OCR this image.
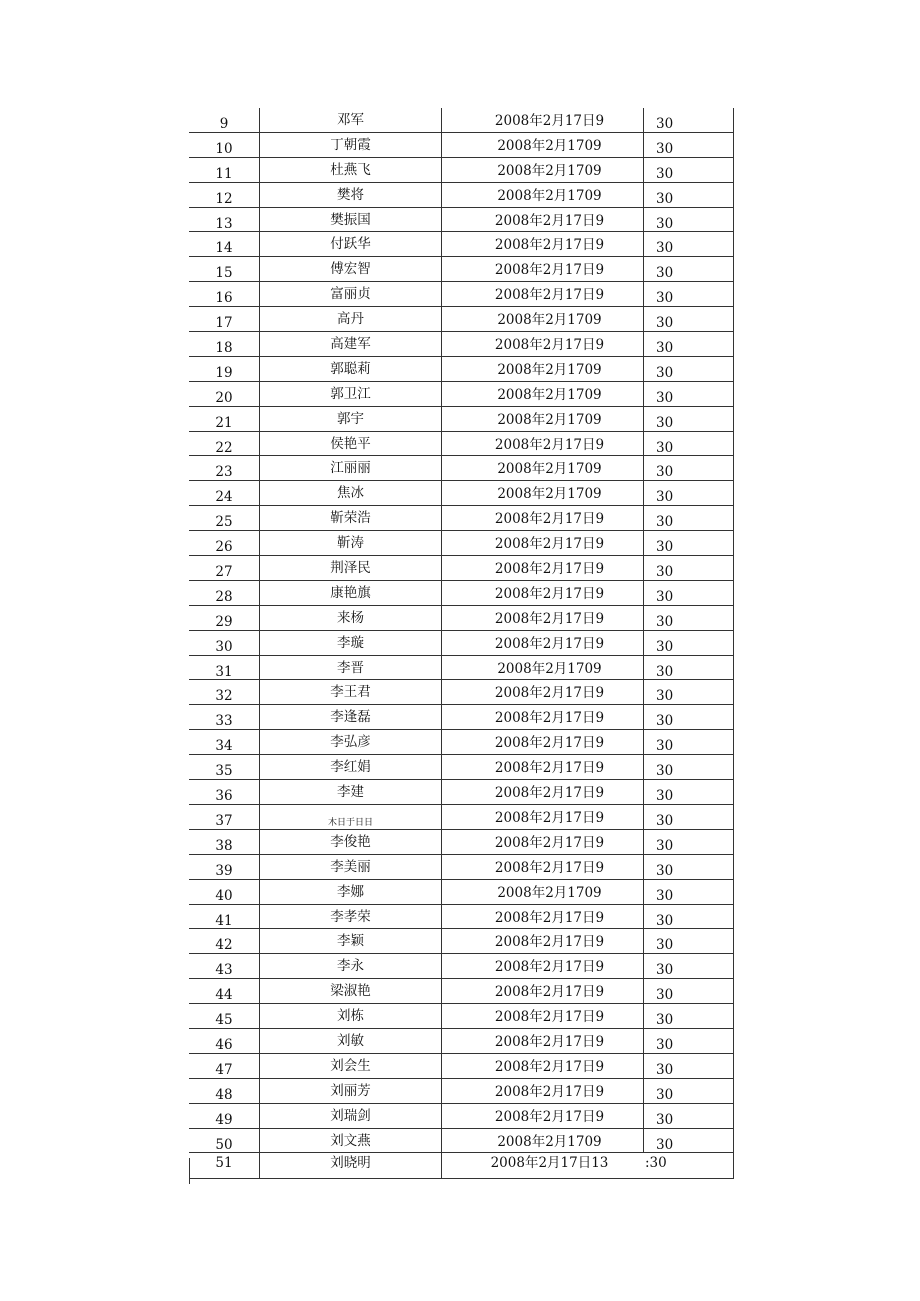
9	邓军	2008年2月17日9	30
10	丁朝霞	2008年2月1709	30
11	杜燕飞	2008年2月1709	30
12	樊将	2008年2月1709	30
13	樊振国	2008年2月17日9	30
14	付跃华	2008年2月17日9	30
15	傅宏智	2008年2月17日9	30
16	富丽贞	2008年2月17日9	30
17	高丹	2008年2月1709	30
18	高建军	2008年2月17日9	30
19	郭聪莉	2008年2月1709	30
20	郭卫江	2008年2月1709	30
21	郭宇	2008年2月1709	30
22	侯艳平	2008年2月17日9	30
23	江丽丽	2008年2月1709	30
24	焦冰	2008年2月1709	30
25	靳荣浩	2008年2月17日9	30
26	靳涛	2008年2月17日9	30
27	荆泽民	2008年2月17日9	30
28	康艳旗	2008年2月17日9	30
29	来杨	2008年2月17日9	30
30	李璇	2008年2月17日9	30
31	李晋	2008年2月1709	30
32	李王君	2008年2月17日9	30
33	李逢磊	2008年2月17日9	30
34	李弘彦	2008年2月17日9	30
35	李红娟	2008年2月17日9	30
36	李建	2008年2月17日9	30
37	木日于日日	2008年2月17日9	30
38	李俊艳	2008年2月17日9	30
39	李美丽	2008年2月17日9	30
40	李娜	2008年2月1709	30
41	李孝荣	2008年2月17日9	30
42	李颖	2008年2月17日9	30
43	李永	2008年2月17日9	30
44	梁淑艳	2008年2月17日9	30
45	刘栋	2008年2月17日9	30
46	刘敏	2008年2月17日9	30
47	刘会生	2008年2月17日9	30
48	刘丽芳	2008年2月17日9	30
49	刘瑞剑	2008年2月17日9	30
50	刘文燕	2008年2月1709	30
51	刘晓明	2008年2月17日13	:30
